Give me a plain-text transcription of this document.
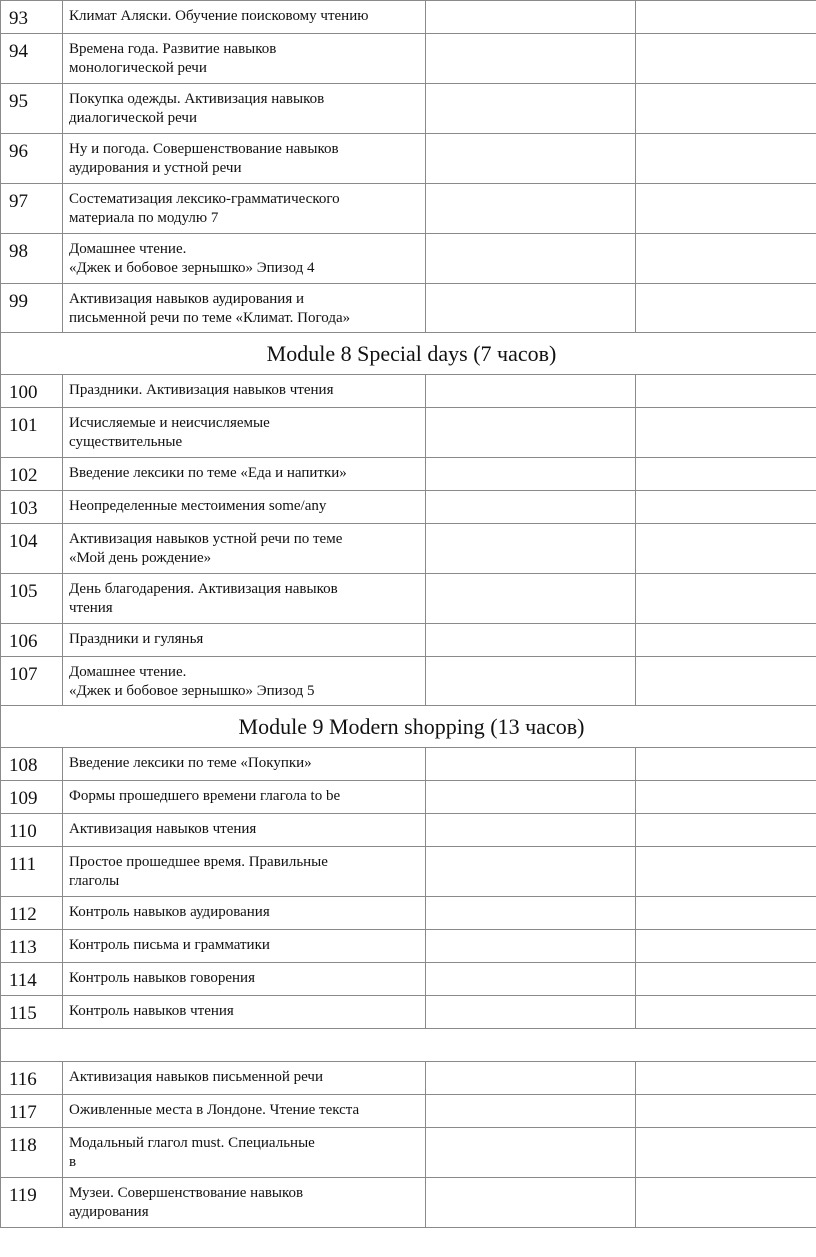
93	Климат Аляски. Обучение поисковому чтению		
94	Времена года. Развитие навыков
монологической речи		
95	Покупка одежды. Активизация навыков
диалогической речи		
96	Ну и погода. Совершенствование навыков
аудирования и устной речи		
97	Состематизация лексико-грамматического
материала по модулю 7		
98	Домашнее чтение.
«Джек и бобовое зернышко» Эпизод 4		
99	Активизация навыков аудирования и
письменной речи по теме «Климат. Погода»		
Module 8 Special days (7 часов)			
100	Праздники. Активизация навыков чтения		
101	Исчисляемые и неисчисляемые
существительные		
102	Введение лексики по теме «Еда и напитки»		
103	Неопределенные местоимения some/any		
104	Активизация навыков устной речи по теме
«Мой день рождение»		
105	День благодарения. Активизация навыков
чтения		
106	Праздники и гулянья		
107	Домашнее чтение.
«Джек и бобовое зернышко» Эпизод 5		
Module 9 Modern shopping (13 часов)			
108	Введение лексики по теме «Покупки»		
109	Формы прошедшего времени глагола to be		
110	Активизация навыков чтения		
111	Простое прошедшее время. Правильные
глаголы		
112	Контроль навыков аудирования		
113	Контроль письма и грамматики		
114	Контроль навыков говорения		
115	Контроль навыков чтения		

116	Активизация навыков письменной речи		
117	Оживленные места в Лондоне. Чтение текста		
118	Модальный глагол must. Специальные
в		
119	Музеи. Совершенствование навыков
аудирования		
